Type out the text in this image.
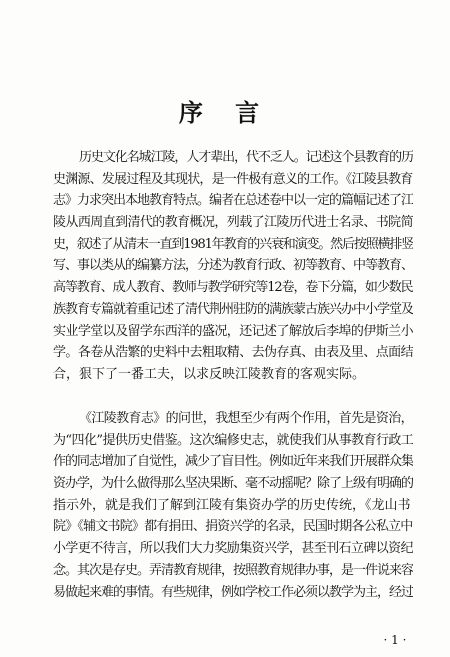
序 言
历史文化名城江陵，人才辈出，代不乏人。记述这个县教育的历
史渊源、发展过程及其现状，是一件极有意义的工作。《江陵县教育
志》力求突出本地教育特点。编者在总述卷中以一定的篇幅记述了江
陵从西周直到清代的教育概况，列载了江陵历代进士名录、书院简
史，叙述了从清末一直到1981年教育的兴衰和演变。然后按照横排竖
写、事以类从的编纂方法，分述为教育行政、初等教育、中等教育、
高等教育、成人教育、教师与教学研究等12卷，卷下分篇，如少数民
族教育专篇就着重记述了清代荆州驻防的满族蒙古族兴办中小学堂及
实业学堂以及留学东西洋的盛况，还记述了解放后李埠的伊斯兰小
学。各卷从浩繁的史料中去粗取精、去伪存真、由表及里、点面结
合，狠下了一番工夫，以求反映江陵教育的客观实际。
《江陵教育志》的问世，我想至少有两个作用，首先是资治，
为“四化”提供历史借鉴。这次编修史志，就使我们从事教育行政工
作的同志增加了自觉性，减少了盲目性。例如近年来我们开展群众集
资办学，为什么做得那么坚决果断、毫不动摇呢？除了上级有明确的
指示外，就是我们了解到江陵有集资办学的历史传统，《龙山书
院》《辅文书院》都有捐田、捐资兴学的名录，民国时期各公私立中
小学更不待言，所以我们大力奖励集资兴学，甚至刊石立碑以资纪
念。其次是存史。弄清教育规律，按照教育规律办事，是一件说来容
易做起来难的事情。有些规律，例如学校工作必须以教学为主，经过
· 1 ·
